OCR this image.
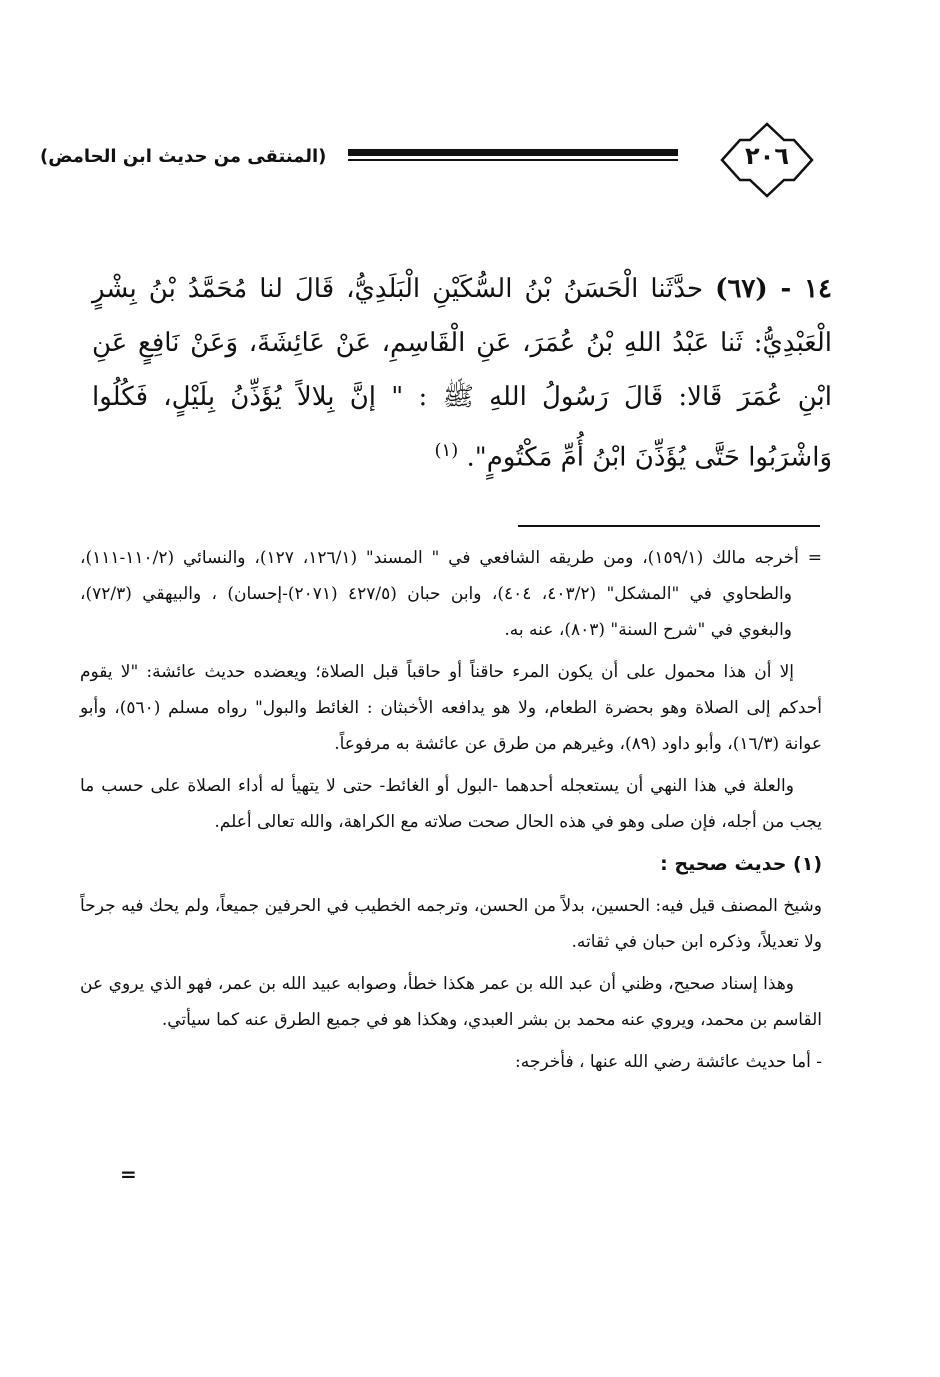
٢٠٦
(المنتقى من حديث ابن الحامض)
١٤ - (٦٧) حدَّثَنا الْحَسَنُ بْنُ السُّكَيْنِ الْبَلَدِيُّ، قَالَ لنا مُحَمَّدُ بْنُ بِشْرٍ الْعَبْدِيُّ: ثَنا عَبْدُ اللهِ بْنُ عُمَرَ، عَنِ الْقَاسِمِ، عَنْ عَائِشَةَ، وَعَنْ نَافِعٍ عَنِ ابْنِ عُمَرَ قَالا: قَالَ رَسُولُ اللهِ ﷺ : " إنَّ بِلالاً يُؤَذِّنُ بِلَيْلٍ، فَكُلُوا وَاشْرَبُوا حَتَّى يُؤَذِّنَ ابْنُ أُمِّ مَكْتُومٍ". $^{(١)}$

= أخرجه مالك (١٥٩/١)، ومن طريقه الشافعي في " المسند" (١٢٦/١، ١٢٧)، والنسائي (١١٠/٢-١١١)، والطحاوي في "المشكل" (٤٠٣/٢، ٤٠٤)، وابن حبان (٤٢٧/٥ (٢٠٧١)-إحسان) ، والبيهقي (٧٢/٣)، والبغوي في "شرح السنة" (٨٠٣)، عنه به.

إلا أن هذا محمول على أن يكون المرء حاقناً أو حاقباً قبل الصلاة؛ ويعضده حديث عائشة: "لا يقوم أحدكم إلى الصلاة وهو بحضرة الطعام، ولا هو يدافعه الأخبثان : الغائط والبول" رواه مسلم (٥٦٠)، وأبو عوانة (١٦/٣)، وأبو داود (٨٩)، وغيرهم من طرق عن عائشة به مرفوعاً.

والعلة في هذا النهي أن يستعجله أحدهما -البول أو الغائط- حتى لا يتهيأ له أداء الصلاة على حسب ما يجب من أجله، فإن صلى وهو في هذه الحال صحت صلاته مع الكراهة، والله تعالى أعلم.

(١) حديث صحيح :

وشيخ المصنف قيل فيه: الحسين، بدلاً من الحسن، وترجمه الخطيب في الحرفين جميعاً، ولم يحك فيه جرحاً ولا تعديلاً، وذكره ابن حبان في ثقاته.

وهذا إسناد صحيح، وظني أن عبد الله بن عمر هكذا خطأ، وصوابه عبيد الله بن عمر، فهو الذي يروي عن القاسم بن محمد، ويروي عنه محمد بن بشر العبدي، وهكذا هو في جميع الطرق عنه كما سيأتي.

- أما حديث عائشة رضي الله عنها ، فأخرجه:

=
